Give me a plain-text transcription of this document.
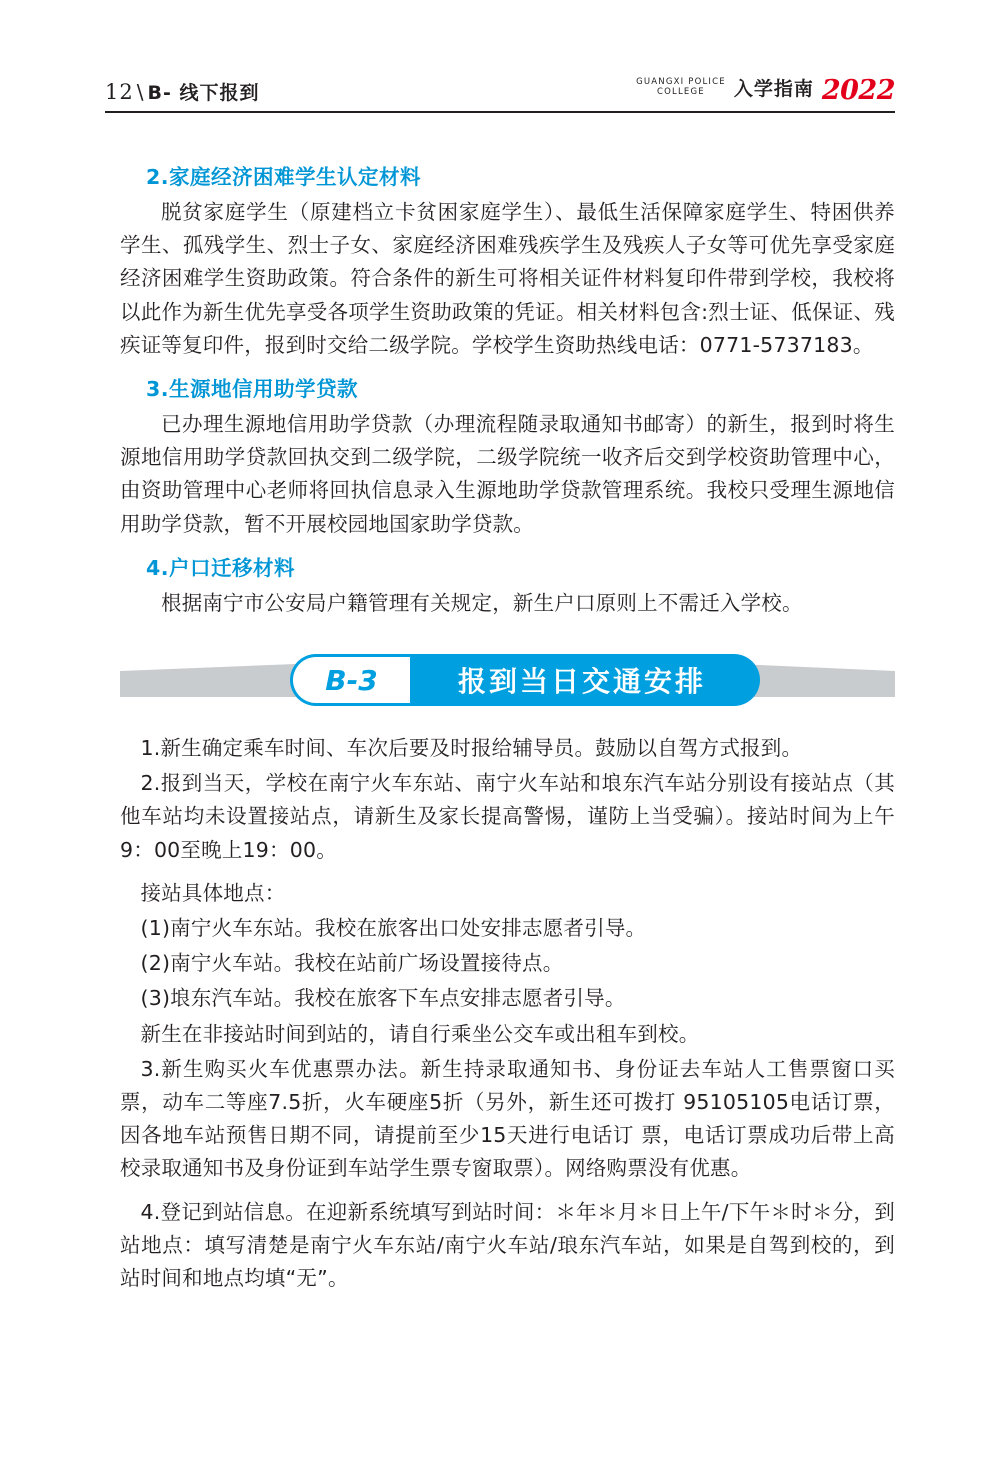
12 \ B- 线下报到	GUANGXI POLICE
COLLEGE 入学指南 2022
2.家庭经济困难学生认定材料

脱贫家庭学生（原建档立卡贫困家庭学生）、最低生活保障家庭学生、特困供养学生、孤残学生、烈士子女、家庭经济困难残疾学生及残疾人子女等可优先享受家庭经济困难学生资助政策。符合条件的新生可将相关证件材料复印件带到学校，我校将以此作为新生优先享受各项学生资助政策的凭证。相关材料包含:烈士证、低保证、残疾证等复印件，报到时交给二级学院。学校学生资助热线电话：0771-5737183。

3.生源地信用助学贷款

已办理生源地信用助学贷款（办理流程随录取通知书邮寄）的新生，报到时将生源地信用助学贷款回执交到二级学院，二级学院统一收齐后交到学校资助管理中心，由资助管理中心老师将回执信息录入生源地助学贷款管理系统。我校只受理生源地信用助学贷款，暂不开展校园地国家助学贷款。

4.户口迁移材料

根据南宁市公安局户籍管理有关规定，新生户口原则上不需迁入学校。

B-3	报到当日交通安排

1.新生确定乘车时间、车次后要及时报给辅导员。鼓励以自驾方式报到。

2.报到当天，学校在南宁火车东站、南宁火车站和埌东汽车站分别设有接站点（其他车站均未设置接站点，请新生及家长提高警惕，谨防上当受骗）。接站时间为上午9：00至晚上19：00。

接站具体地点：

(1)南宁火车东站。我校在旅客出口处安排志愿者引导。

(2)南宁火车站。我校在站前广场设置接待点。

(3)埌东汽车站。我校在旅客下车点安排志愿者引导。

新生在非接站时间到站的，请自行乘坐公交车或出租车到校。

3.新生购买火车优惠票办法。新生持录取通知书、身份证去车站人工售票窗口买票，动车二等座7.5折，火车硬座5折（另外，新生还可拨打 95105105电话订票，因各地车站预售日期不同，请提前至少15天进行电话订 票，电话订票成功后带上高校录取通知书及身份证到车站学生票专窗取票）。网络购票没有优惠。

4.登记到站信息。在迎新系统填写到站时间：＊年＊月＊日上午/下午＊时＊分，到站地点：填写清楚是南宁火车东站/南宁火车站/琅东汽车站，如果是自驾到校的，到站时间和地点均填“无”。
